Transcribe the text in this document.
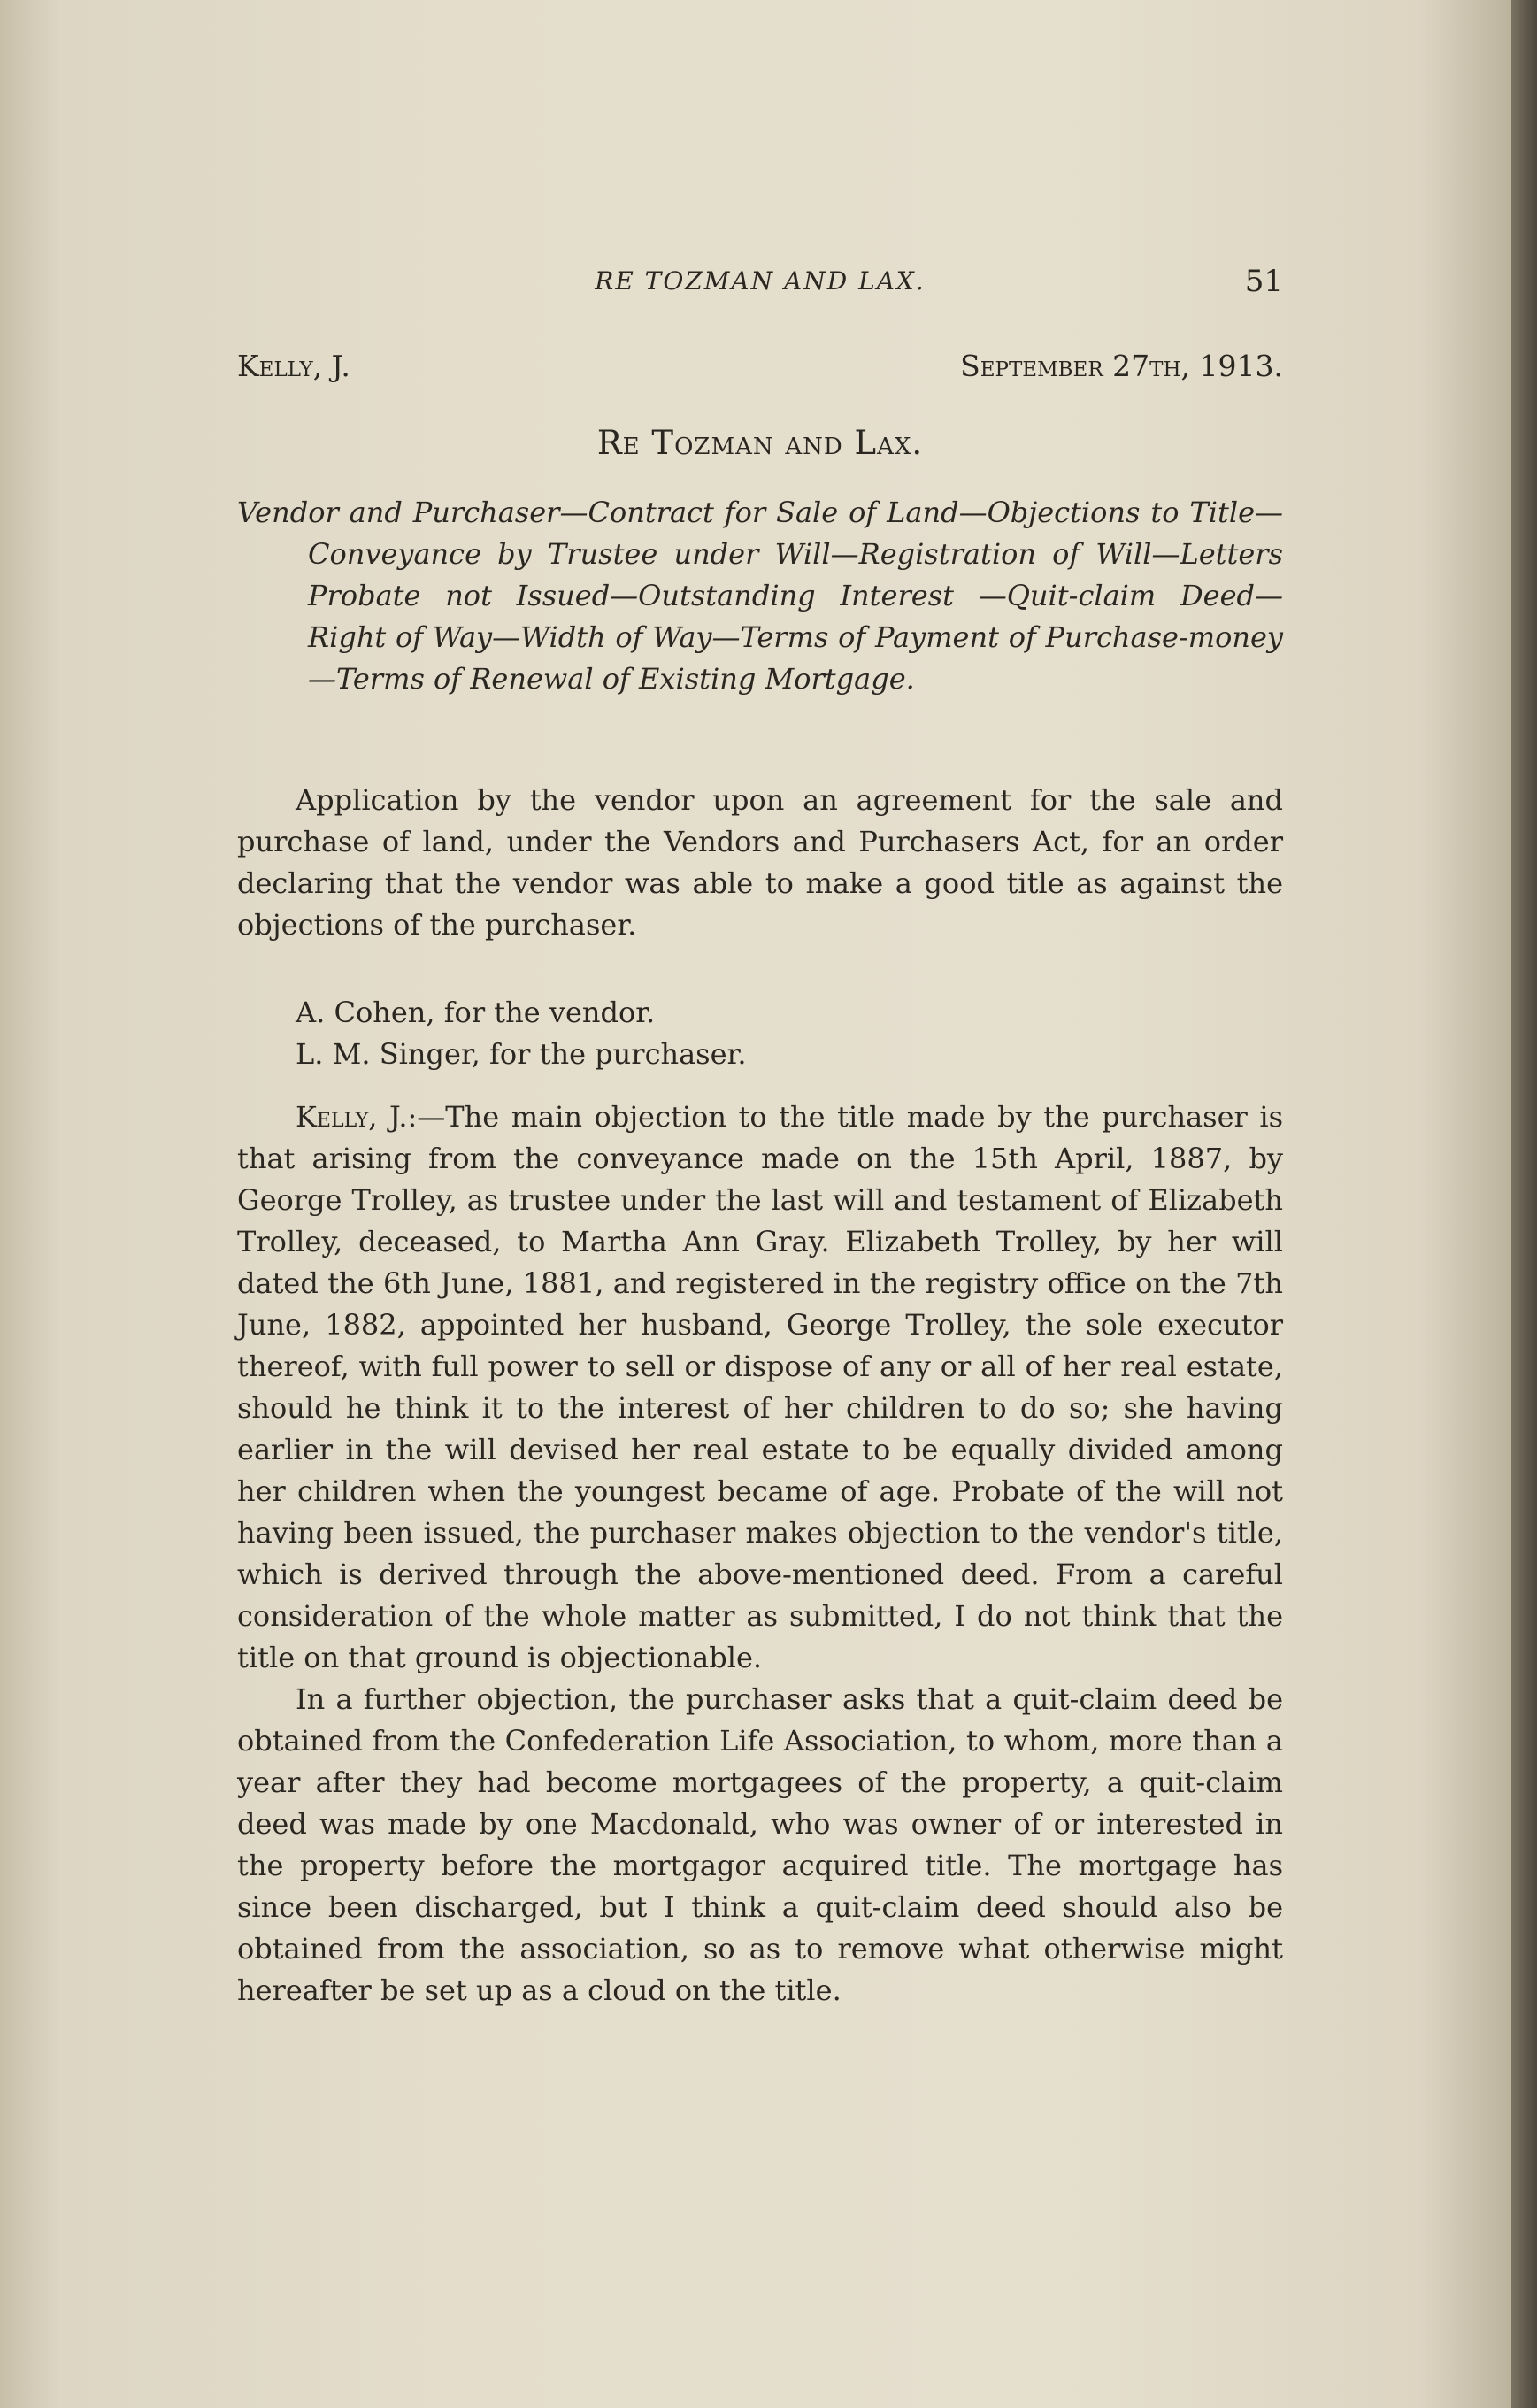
RE TOZMAN AND LAX.	51
Kelly, J.	September 27th, 1913.
Re Tozman and Lax.
Vendor and Purchaser—Contract for Sale of Land—Objections to Title—Conveyance by Trustee under Will—Registration of Will—Letters Probate not Issued—Outstanding Interest —Quit-claim Deed—Right of Way—Width of Way—Terms of Payment of Purchase-money—Terms of Renewal of Existing Mortgage.

Application by the vendor upon an agreement for the sale and purchase of land, under the Vendors and Purchasers Act, for an order declaring that the vendor was able to make a good title as against the objections of the purchaser.

A. Cohen, for the vendor.
L. M. Singer, for the purchaser.

Kelly, J.:—The main objection to the title made by the purchaser is that arising from the conveyance made on the 15th April, 1887, by George Trolley, as trustee under the last will and testament of Elizabeth Trolley, deceased, to Martha Ann Gray. Elizabeth Trolley, by her will dated the 6th June, 1881, and registered in the registry office on the 7th June, 1882, appointed her husband, George Trolley, the sole executor thereof, with full power to sell or dispose of any or all of her real estate, should he think it to the interest of her children to do so; she having earlier in the will devised her real estate to be equally divided among her children when the youngest became of age. Probate of the will not having been issued, the purchaser makes objection to the vendor's title, which is derived through the above-mentioned deed. From a careful consideration of the whole matter as submitted, I do not think that the title on that ground is objectionable.

In a further objection, the purchaser asks that a quit-claim deed be obtained from the Confederation Life Association, to whom, more than a year after they had become mortgagees of the property, a quit-claim deed was made by one Macdonald, who was owner of or interested in the property before the mortgagor acquired title. The mortgage has since been discharged, but I think a quit-claim deed should also be obtained from the association, so as to remove what otherwise might hereafter be set up as a cloud on the title.
